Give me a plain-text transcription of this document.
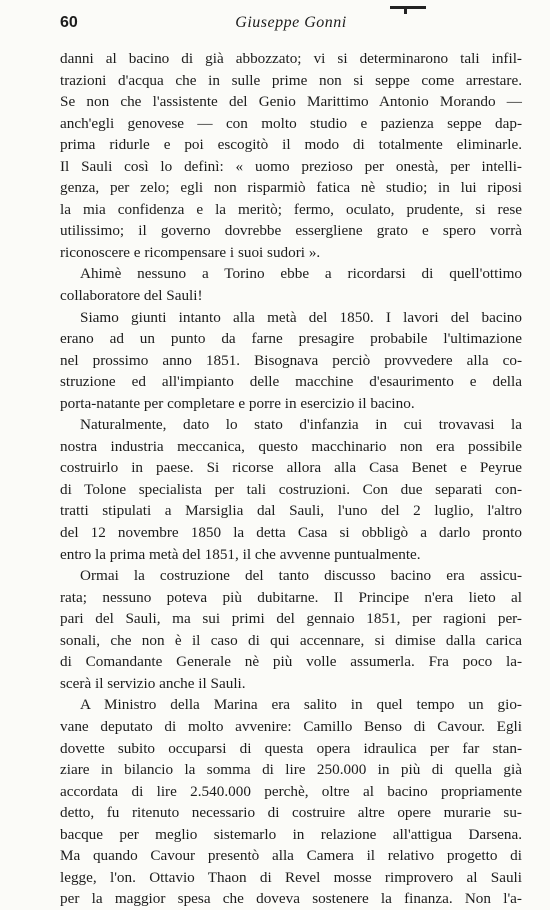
60	Giuseppe Gonni
danni al bacino di già abbozzato; vi si determinarono tali infil-
trazioni d'acqua che in sulle prime non si seppe come arrestare.
Se non che l'assistente del Genio Marittimo Antonio Morando —
anch'egli genovese — con molto studio e pazienza seppe dap-
prima ridurle e poi escogitò il modo di totalmente eliminarle.
Il Sauli così lo definì: « uomo prezioso per onestà, per intelli-
genza, per zelo; egli non risparmiò fatica nè studio; in lui riposi
la mia confidenza e la meritò; fermo, oculato, prudente, si rese
utilissimo; il governo dovrebbe essergliene grato e spero vorrà
riconoscere e ricompensare i suoi sudori ».
Ahimè nessuno a Torino ebbe a ricordarsi di quell'ottimo
collaboratore del Sauli!
Siamo giunti intanto alla metà del 1850. I lavori del bacino
erano ad un punto da farne presagire probabile l'ultimazione
nel prossimo anno 1851. Bisognava perciò provvedere alla co-
struzione ed all'impianto delle macchine d'esaurimento e della
porta-natante per completare e porre in esercizio il bacino.
Naturalmente, dato lo stato d'infanzia in cui trovavasi la
nostra industria meccanica, questo macchinario non era possibile
costruirlo in paese. Si ricorse allora alla Casa Benet e Peyrue
di Tolone specialista per tali costruzioni. Con due separati con-
tratti stipulati a Marsiglia dal Sauli, l'uno del 2 luglio, l'altro
del 12 novembre 1850 la detta Casa si obbligò a darlo pronto
entro la prima metà del 1851, il che avvenne puntualmente.
Ormai la costruzione del tanto discusso bacino era assicu-
rata; nessuno poteva più dubitarne. Il Principe n'era lieto al
pari del Sauli, ma sui primi del gennaio 1851, per ragioni per-
sonali, che non è il caso di qui accennare, si dimise dalla carica
di Comandante Generale nè più volle assumerla. Fra poco la-
scerà il servizio anche il Sauli.
A Ministro della Marina era salito in quel tempo un gio-
vane deputato di molto avvenire: Camillo Benso di Cavour. Egli
dovette subito occuparsi di questa opera idraulica per far stan-
ziare in bilancio la somma di lire 250.000 in più di quella già
accordata di lire 2.540.000 perchè, oltre al bacino propriamente
detto, fu ritenuto necessario di costruire altre opere murarie su-
bacque per meglio sistemarlo in relazione all'attigua Darsena.
Ma quando Cavour presentò alla Camera il relativo progetto di
legge, l'on. Ottavio Thaon di Revel mosse rimprovero al Sauli
per la maggior spesa che doveva sostenere la finanza. Non l'a-
